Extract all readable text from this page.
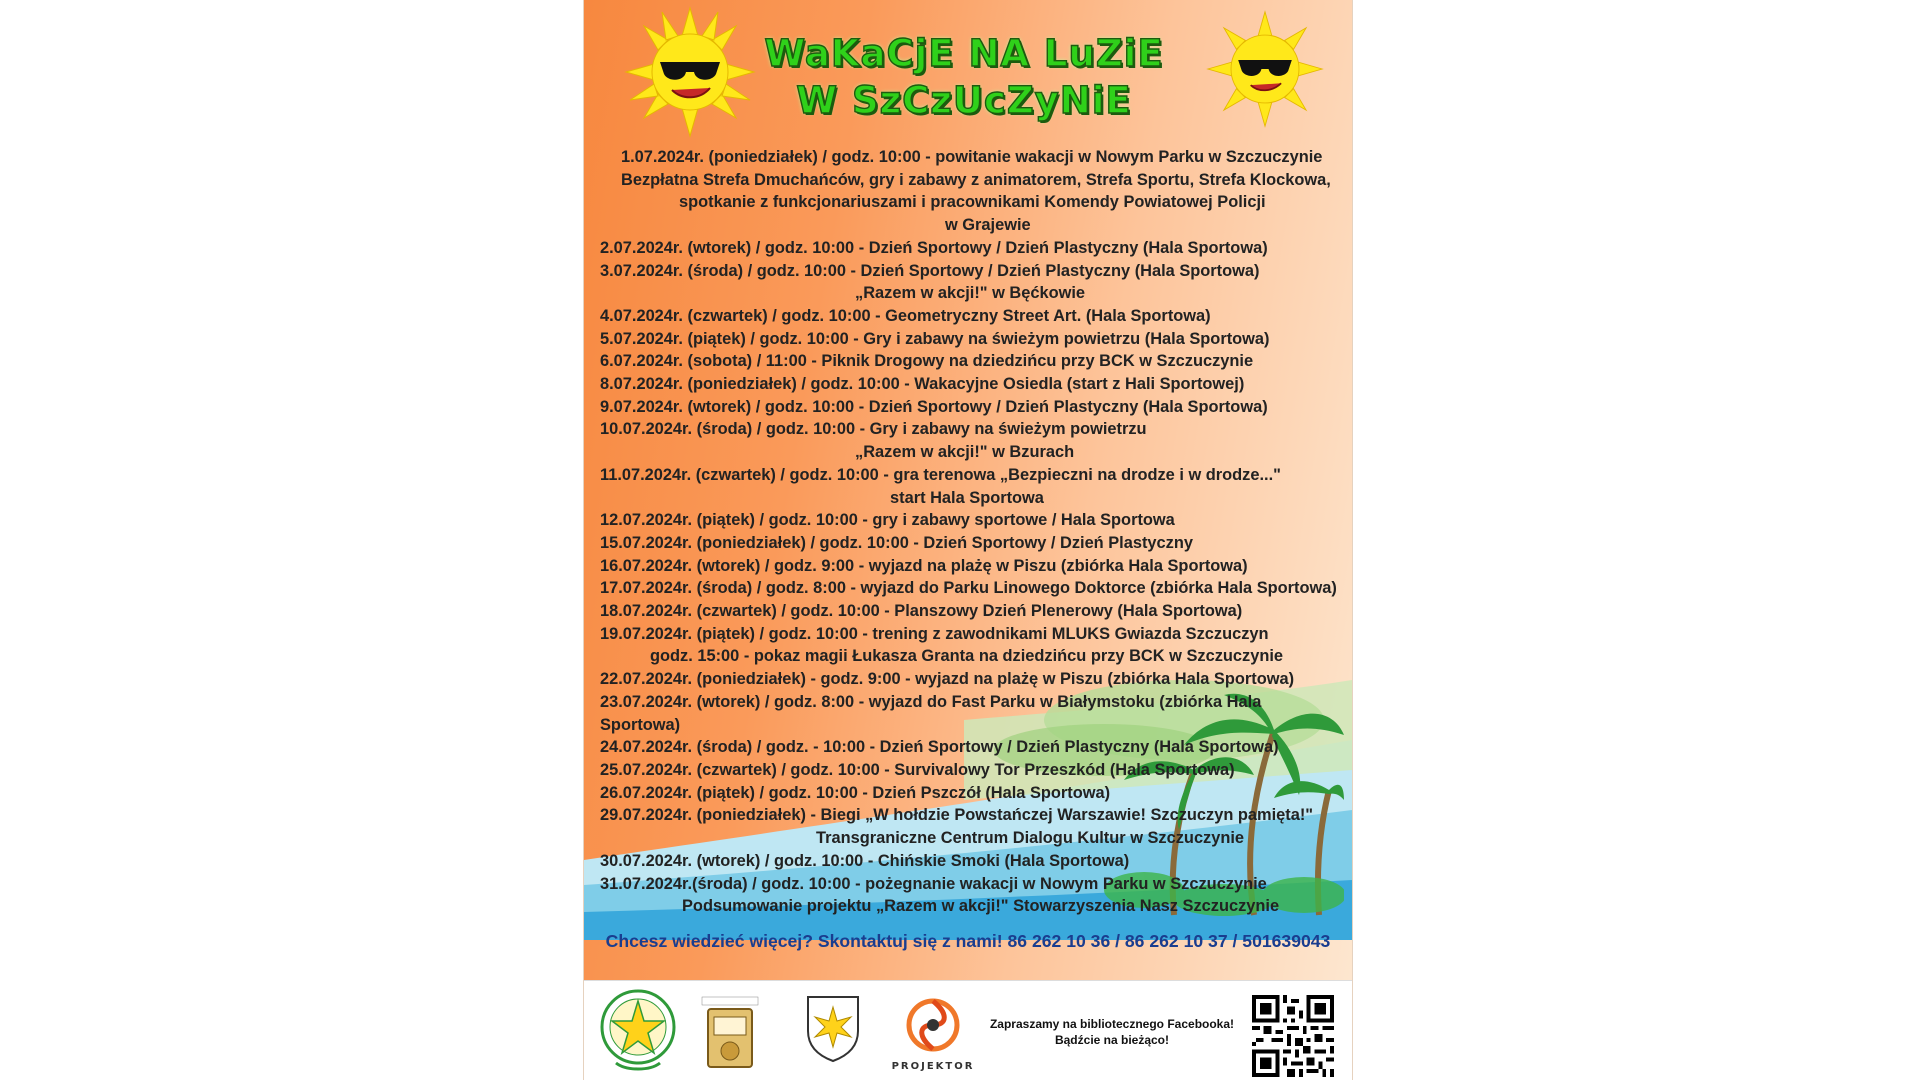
WaKaCjE NA LuZiE
W SzCzUcZyNiE
1.07.2024r. (poniedziałek) / godz. 10:00 - powitanie wakacji w Nowym Parku w Szczuczynie
Bezpłatna Strefa Dmuchańców, gry i zabawy z animatorem, Strefa Sportu, Strefa Klockowa,
spotkanie z funkcjonariuszami i pracownikami Komendy Powiatowej Policji
w Grajewie
2.07.2024r. (wtorek) / godz. 10:00 - Dzień Sportowy / Dzień Plastyczny (Hala Sportowa)
3.07.2024r. (środa) / godz. 10:00 - Dzień Sportowy / Dzień Plastyczny (Hala Sportowa)
„Razem w akcji!" w Bęćkowie
4.07.2024r. (czwartek) / godz. 10:00 - Geometryczny Street Art. (Hala Sportowa)
5.07.2024r. (piątek) / godz. 10:00 - Gry i zabawy na świeżym powietrzu (Hala Sportowa)
6.07.2024r. (sobota) / 11:00 - Piknik Drogowy na dziedzińcu przy BCK w Szczuczynie
8.07.2024r. (poniedziałek) / godz. 10:00 - Wakacyjne Osiedla (start z Hali Sportowej)
9.07.2024r. (wtorek) / godz. 10:00 - Dzień Sportowy / Dzień Plastyczny (Hala Sportowa)
10.07.2024r. (środa) / godz. 10:00 - Gry i zabawy na świeżym powietrzu
„Razem w akcji!" w Bzurach
11.07.2024r. (czwartek) / godz. 10:00 - gra terenowa „Bezpieczni na drodze i w drodze..."
start Hala Sportowa
12.07.2024r. (piątek) / godz. 10:00 - gry i zabawy sportowe / Hala Sportowa
15.07.2024r. (poniedziałek) / godz. 10:00 - Dzień Sportowy / Dzień Plastyczny
16.07.2024r. (wtorek) / godz. 9:00 - wyjazd na plażę w Piszu (zbiórka Hala Sportowa)
17.07.2024r. (środa) / godz. 8:00 - wyjazd do Parku Linowego Doktorce (zbiórka Hala Sportowa)
18.07.2024r. (czwartek) / godz. 10:00 - Planszowy Dzień Plenerowy (Hala Sportowa)
19.07.2024r. (piątek) / godz. 10:00 - trening z zawodnikami MLUKS Gwiazda Szczuczyn
godz. 15:00 - pokaz magii Łukasza Granta na dziedzińcu przy BCK w Szczuczynie
22.07.2024r. (poniedziałek) - godz. 9:00 - wyjazd na plażę w Piszu (zbiórka Hala Sportowa)
23.07.2024r. (wtorek) / godz. 8:00 - wyjazd do Fast Parku w Białymstoku (zbiórka Hala Sportowa)
24.07.2024r. (środa) / godz. - 10:00 - Dzień Sportowy / Dzień Plastyczny (Hala Sportowa)
25.07.2024r. (czwartek) / godz. 10:00 - Survivalowy Tor Przeszkód (Hala Sportowa)
26.07.2024r. (piątek) / godz. 10:00 - Dzień Pszczół (Hala Sportowa)
29.07.2024r. (poniedziałek) - Biegi „W hołdzie Powstańczej Warszawie! Szczuczyn pamięta!"
Transgraniczne Centrum Dialogu Kultur w Szczuczynie
30.07.2024r. (wtorek) / godz. 10:00 - Chińskie Smoki (Hala Sportowa)
31.07.2024r.(środa) / godz. 10:00 - pożegnanie wakacji w Nowym Parku w Szczuczynie
Podsumowanie projektu „Razem w akcji!" Stowarzyszenia Nasz Szczuczynie
Chcesz wiedzieć więcej? Skontaktuj się z nami! 86 262 10 36 / 86 262 10 37 / 501639043
PROJEKTOR
Zapraszamy na bibliotecznego Facebooka!
Bądźcie na bieżąco!
